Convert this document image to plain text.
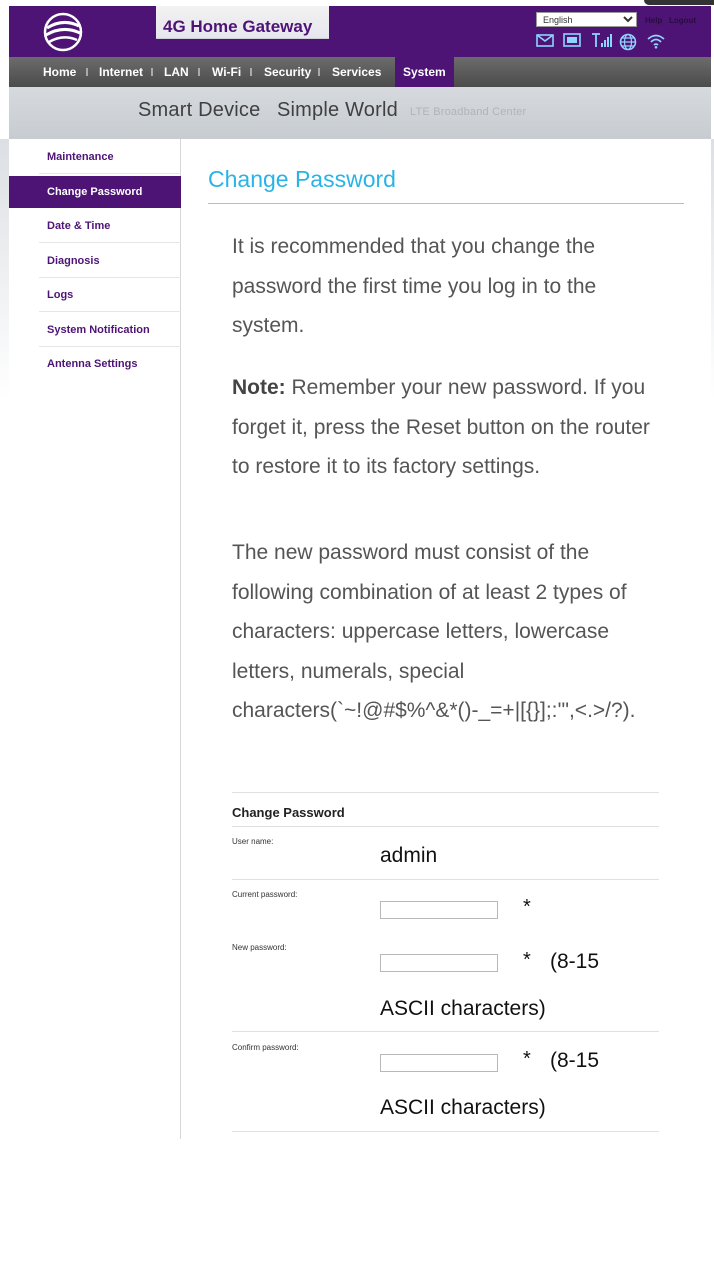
4G Home Gateway
English	Help Logout
Home Internet LAN Wi-Fi Security Services	System
Smart Device Simple World LTE Broadband Center
Maintenance
Change Password
Date & Time
Diagnosis
Logs
System Notification
Antenna Settings
Change Password

It is recommended that you change the password the first time you log in to the system.

Note: Remember your new password. If you forget it, press the Reset button on the router to restore it to its factory settings.

The new password must consist of the following combination of at least 2 types of characters: uppercase letters, lowercase letters, numerals, special characters(`~!@#$%^&*()-_=+|[{}];:'",<.>/?).

Change Password
User name:
admin
Current password:
*
New password:
* (8-15
ASCII characters)
Confirm password:
* (8-15
ASCII characters)
